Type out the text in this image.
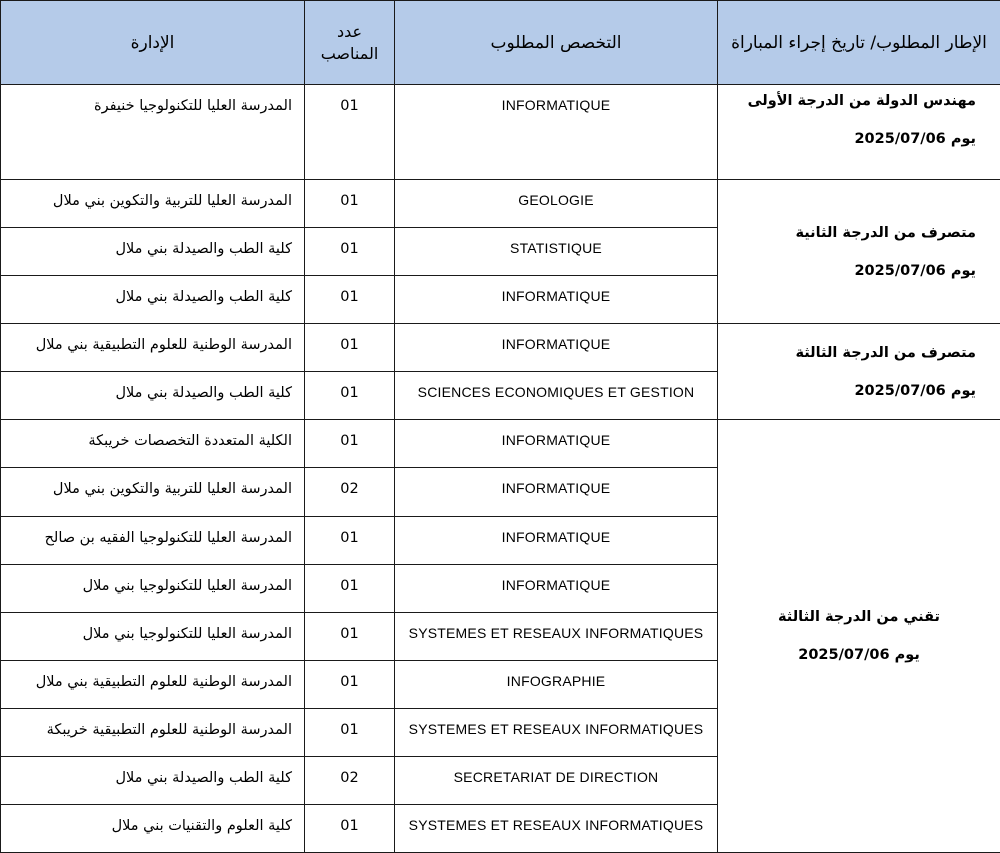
الإدارة	عدد
المناصب	التخصص المطلوب	الإطار المطلوب/ تاريخ إجراء المباراة
المدرسة العليا للتكنولوجيا خنيفرة	01	INFORMATIQUE	مهندس الدولة من الدرجة الأولى
يوم 2025/07/06

المدرسة العليا للتربية والتكوين بني ملال	01	GEOLOGIE	متصرف من الدرجة الثانية
يوم 2025/07/06

كلية الطب والصيدلة بني ملال	01	STATISTIQUE	
كلية الطب والصيدلة بني ملال	01	INFORMATIQUE	
المدرسة الوطنية للعلوم التطبيقية بني ملال	01	INFORMATIQUE	متصرف من الدرجة الثالثة
يوم 2025/07/06

كلية الطب والصيدلة بني ملال	01	SCIENCES ECONOMIQUES ET GESTION	
الكلية المتعددة التخصصات خريبكة	01	INFORMATIQUE	تقني من الدرجة الثالثة
يوم 2025/07/06

المدرسة العليا للتربية والتكوين بني ملال	02	INFORMATIQUE	
المدرسة العليا للتكنولوجيا الفقيه بن صالح	01	INFORMATIQUE	
المدرسة العليا للتكنولوجيا بني ملال	01	INFORMATIQUE	
المدرسة العليا للتكنولوجيا بني ملال	01	SYSTEMES ET RESEAUX INFORMATIQUES	
المدرسة الوطنية للعلوم التطبيقية بني ملال	01	INFOGRAPHIE	
المدرسة الوطنية للعلوم التطبيقية خريبكة	01	SYSTEMES ET RESEAUX INFORMATIQUES	
كلية الطب والصيدلة بني ملال	02	SECRETARIAT DE DIRECTION	
كلية العلوم والتقنيات بني ملال	01	SYSTEMES ET RESEAUX INFORMATIQUES	
